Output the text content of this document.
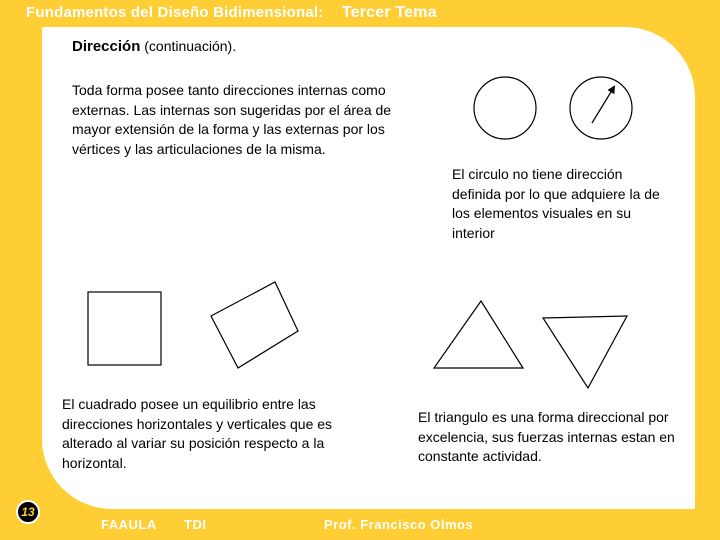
Fundamentos del Diseño Bidimensional: Tercer Tema
Dirección (continuación).
Toda forma posee tanto direcciones internas como externas. Las internas son sugeridas por el área de mayor extensión de la forma y las externas por los vértices y las articulaciones de la misma.
El circulo no tiene dirección definida por lo que adquiere la de los elementos visuales en su interior
El cuadrado posee un equilibrio entre las direcciones horizontales y verticales que es alterado al variar su posición respecto a la horizontal.
El triangulo es una forma direccional por excelencia, sus fuerzas internas estan en constante actividad.
13
FAAULA TDI	Prof. Francisco Olmos
